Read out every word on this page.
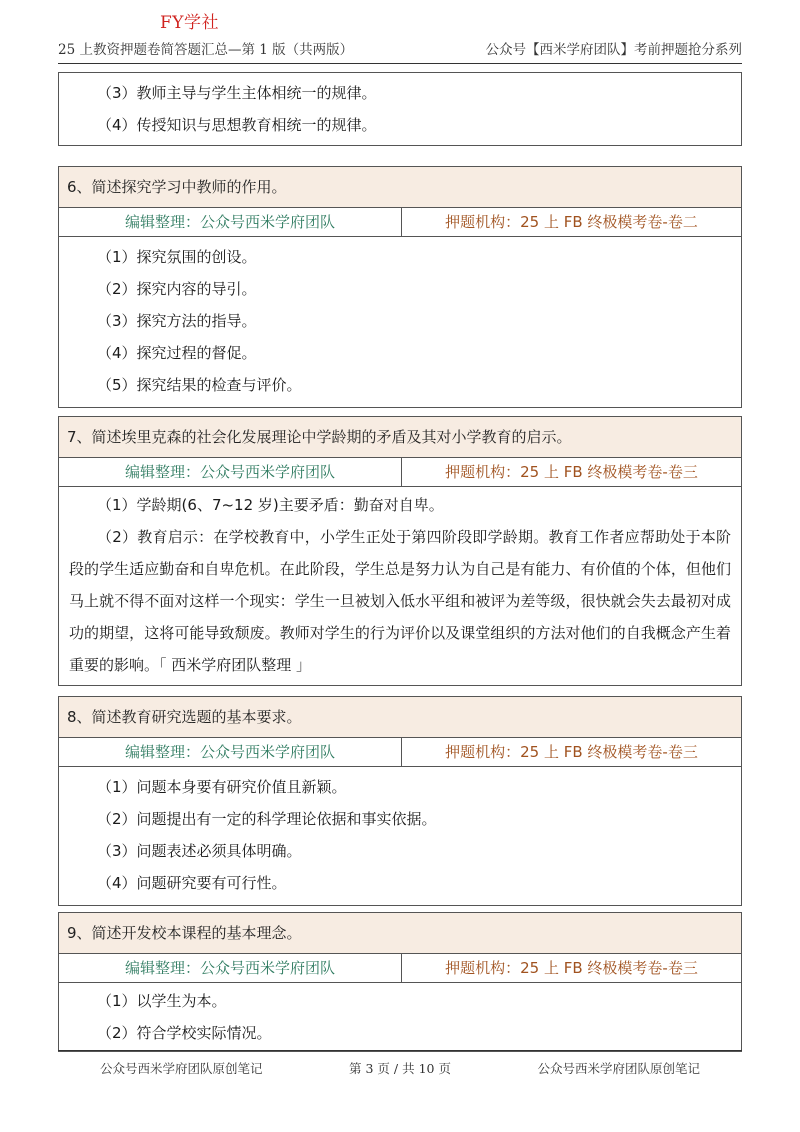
FY学社
25 上教资押题卷简答题汇总—第 1 版（共两版）	公众号【西米学府团队】考前押题抢分系列
（3）教师主导与学生主体相统一的规律。
（4）传授知识与思想教育相统一的规律。
6、简述探究学习中教师的作用。
编辑整理：公众号西米学府团队	押题机构：25 上 FB 终极模考卷-卷二
（1）探究氛围的创设。
（2）探究内容的导引。
（3）探究方法的指导。
（4）探究过程的督促。
（5）探究结果的检查与评价。
7、简述埃里克森的社会化发展理论中学龄期的矛盾及其对小学教育的启示。
编辑整理：公众号西米学府团队	押题机构：25 上 FB 终极模考卷-卷三
（1）学龄期(6、7~12 岁)主要矛盾：勤奋对自卑。
（2）教育启示：在学校教育中，小学生正处于第四阶段即学龄期。教育工作者应帮助处于本阶段的学生适应勤奋和自卑危机。在此阶段，学生总是努力认为自己是有能力、有价值的个体，但他们马上就不得不面对这样一个现实：学生一旦被划入低水平组和被评为差等级，很快就会失去最初对成功的期望，这将可能导致颓废。教师对学生的行为评价以及课堂组织的方法对他们的自我概念产生着重要的影响。「 西米学府团队整理 」
8、简述教育研究选题的基本要求。
编辑整理：公众号西米学府团队	押题机构：25 上 FB 终极模考卷-卷三
（1）问题本身要有研究价值且新颖。
（2）问题提出有一定的科学理论依据和事实依据。
（3）问题表述必须具体明确。
（4）问题研究要有可行性。
9、简述开发校本课程的基本理念。
编辑整理：公众号西米学府团队	押题机构：25 上 FB 终极模考卷-卷三
（1）以学生为本。
（2）符合学校实际情况。
公众号西米学府团队原创笔记	第 3 页 / 共 10 页	公众号西米学府团队原创笔记
